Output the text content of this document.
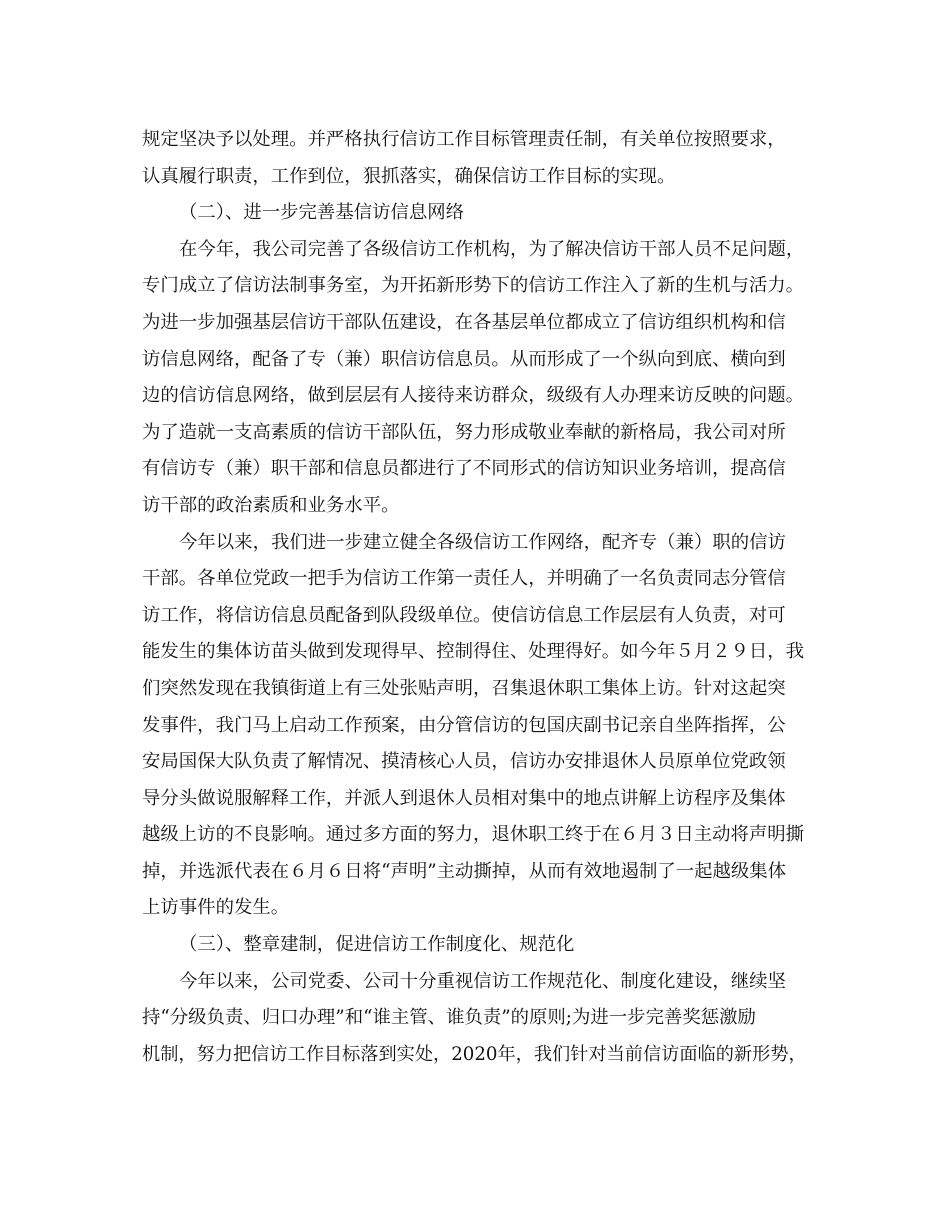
规定坚决予以处理。并严格执行信访工作目标管理责任制，有关单位按照要求，
认真履行职责，工作到位，狠抓落实，确保信访工作目标的实现。
（二）、进一步完善基信访信息网络
在今年，我公司完善了各级信访工作机构，为了解决信访干部人员不足问题，
专门成立了信访法制事务室，为开拓新形势下的信访工作注入了新的生机与活力。
为进一步加强基层信访干部队伍建设，在各基层单位都成立了信访组织机构和信
访信息网络，配备了专（兼）职信访信息员。从而形成了一个纵向到底、横向到
边的信访信息网络，做到层层有人接待来访群众，级级有人办理来访反映的问题。
为了造就一支高素质的信访干部队伍，努力形成敬业奉献的新格局，我公司对所
有信访专（兼）职干部和信息员都进行了不同形式的信访知识业务培训，提高信
访干部的政治素质和业务水平。
今年以来，我们进一步建立健全各级信访工作网络，配齐专（兼）职的信访
干部。各单位党政一把手为信访工作第一责任人，并明确了一名负责同志分管信
访工作，将信访信息员配备到队段级单位。使信访信息工作层层有人负责，对可
能发生的集体访苗头做到发现得早、控制得住、处理得好。如今年５月２９日，我
们突然发现在我镇街道上有三处张贴声明，召集退休职工集体上访。针对这起突
发事件，我门马上启动工作预案，由分管信访的包国庆副书记亲自坐阵指挥，公
安局国保大队负责了解情况、摸清核心人员，信访办安排退休人员原单位党政领
导分头做说服解释工作，并派人到退休人员相对集中的地点讲解上访程序及集体
越级上访的不良影响。通过多方面的努力，退休职工终于在６月３日主动将声明撕
掉，并选派代表在６月６日将“声明”主动撕掉，从而有效地遏制了一起越级集体
上访事件的发生。
（三）、整章建制，促进信访工作制度化、规范化
今年以来，公司党委、公司十分重视信访工作规范化、制度化建设，继续坚
持“分级负责、归口办理”和“谁主管、谁负责”的原则;为进一步完善奖惩激励
机制，努力把信访工作目标落到实处，2020年，我们针对当前信访面临的新形势，
